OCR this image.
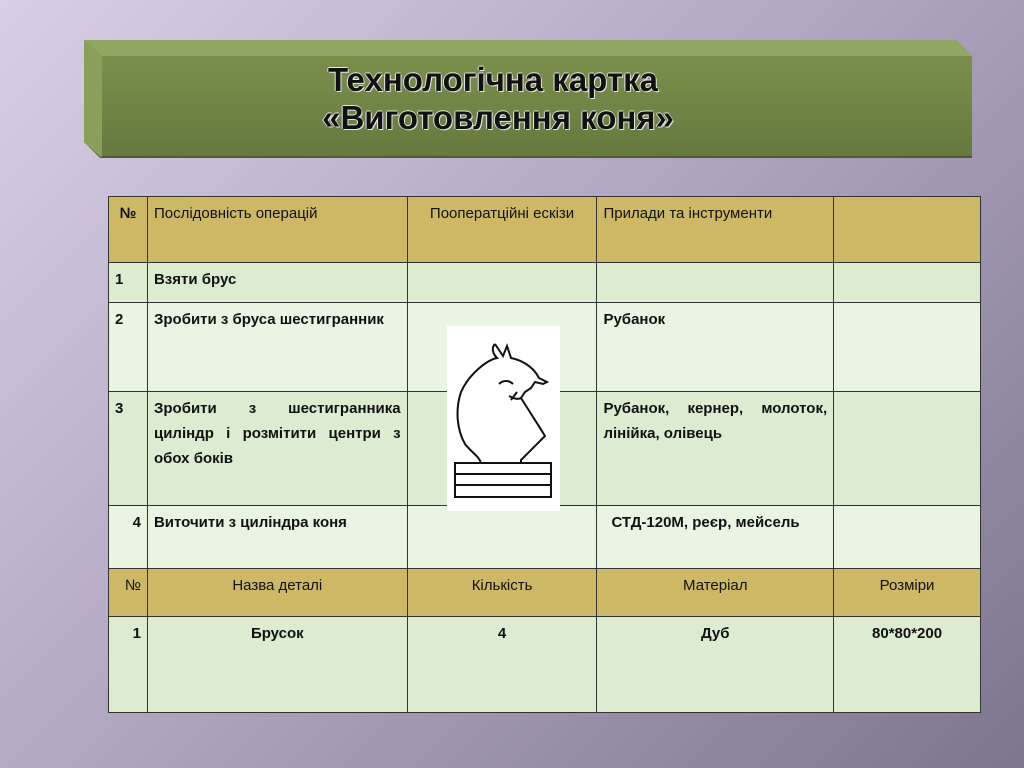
Технологічна картка
«Виготовлення коня»
№	Послідовність операцій	Пооператційні ескізи	Прилади та інструменти	
1	Взяти брус			
2	Зробити з бруса шестигранник		Рубанок	
3	Зробити з шестигранника циліндр і розмітити центри з обох боків		Рубанок, кернер, молоток, лінійка, олівець	
4	Виточити з циліндра коня		СТД-120М, реєр, мейсель	
№	Назва деталі	Кількість	Матеріал	Розміри
1	Брусок	4	Дуб	80*80*200
